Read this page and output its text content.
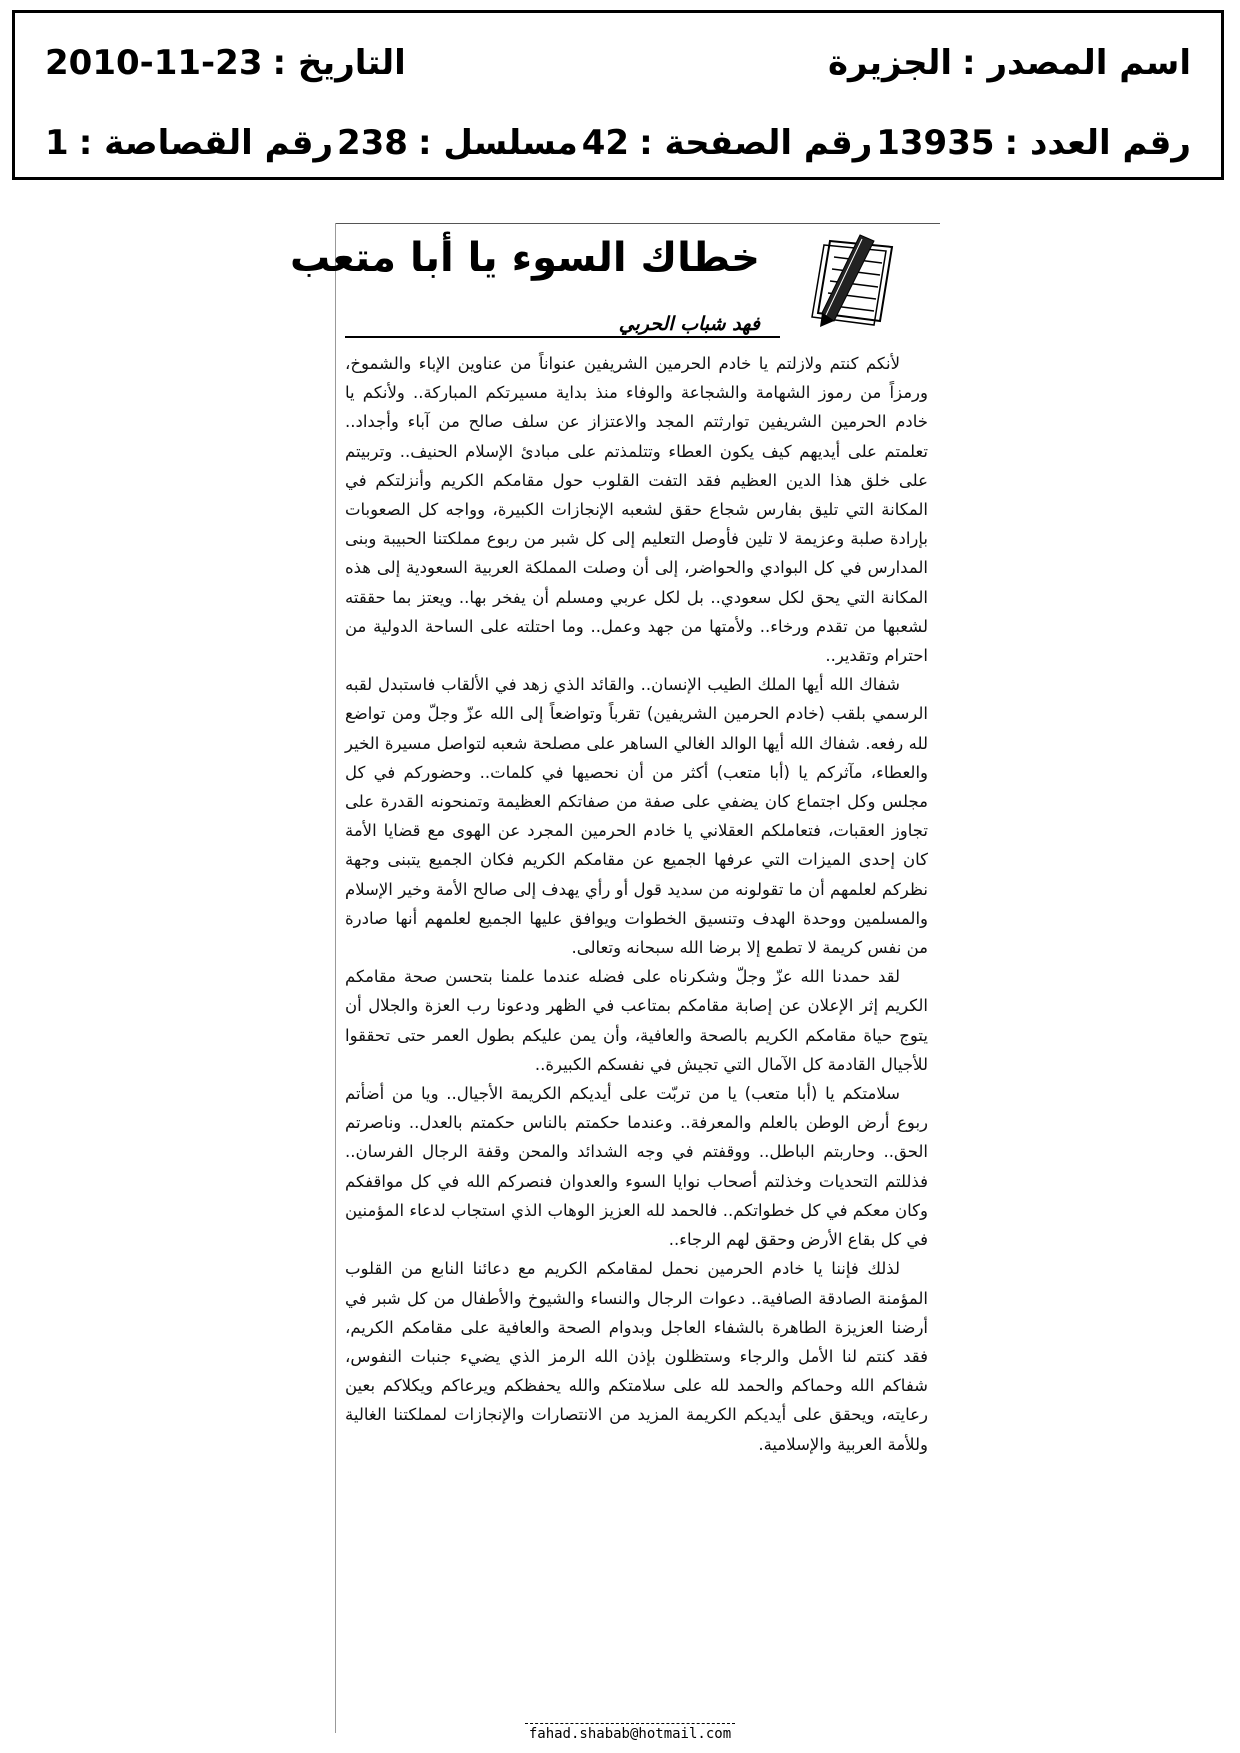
اسم المصدر :
الجزيرة
التاريخ :
2010-11-23
رقم العدد :
13935
رقم الصفحة :
42
مسلسل :
238
رقم القصاصة :
1
خطاك السوء يا أبا متعب
فهد شباب الحربي

لأنكم كنتم ولازلتم يا خادم الحرمين الشريفين عنواناً من عناوين الإباء والشموخ، ورمزاً من رموز الشهامة والشجاعة والوفاء منذ بداية مسيرتكم المباركة.. ولأنكم يا خادم الحرمين الشريفين توارثتم المجد والاعتزاز عن سلف صالح من آباء وأجداد.. تعلمتم على أيديهم كيف يكون العطاء وتتلمذتم على مبادئ الإسلام الحنيف.. وتربيتم على خلق هذا الدين العظيم فقد التفت القلوب حول مقامكم الكريم وأنزلتكم في المكانة التي تليق بفارس شجاع حقق لشعبه الإنجازات الكبيرة، وواجه كل الصعوبات بإرادة صلبة وعزيمة لا تلين فأوصل التعليم إلى كل شبر من ربوع مملكتنا الحبيبة وبنى المدارس في كل البوادي والحواضر، إلى أن وصلت المملكة العربية السعودية إلى هذه المكانة التي يحق لكل سعودي.. بل لكل عربي ومسلم أن يفخر بها.. ويعتز بما حققته لشعبها من تقدم ورخاء.. ولأمتها من جهد وعمل.. وما احتلته على الساحة الدولية من احترام وتقدير..

شفاك الله أيها الملك الطيب الإنسان.. والقائد الذي زهد في الألقاب فاستبدل لقبه الرسمي بلقب (خادم الحرمين الشريفين) تقرباً وتواضعاً إلى الله عزّ وجلّ ومن تواضع لله رفعه. شفاك الله أيها الوالد الغالي الساهر على مصلحة شعبه لتواصل مسيرة الخير والعطاء، مآثركم يا (أبا متعب) أكثر من أن نحصيها في كلمات.. وحضوركم في كل مجلس وكل اجتماع كان يضفي على صفة من صفاتكم العظيمة وتمنحونه القدرة على تجاوز العقبات، فتعاملكم العقلاني يا خادم الحرمين المجرد عن الهوى مع قضايا الأمة كان إحدى الميزات التي عرفها الجميع عن مقامكم الكريم فكان الجميع يتبنى وجهة نظركم لعلمهم أن ما تقولونه من سديد قول أو رأي يهدف إلى صالح الأمة وخير الإسلام والمسلمين ووحدة الهدف وتنسيق الخطوات ويوافق عليها الجميع لعلمهم أنها صادرة من نفس كريمة لا تطمع إلا برضا الله سبحانه وتعالى.

لقد حمدنا الله عزّ وجلّ وشكرناه على فضله عندما علمنا بتحسن صحة مقامكم الكريم إثر الإعلان عن إصابة مقامكم بمتاعب في الظهر ودعونا رب العزة والجلال أن يتوج حياة مقامكم الكريم بالصحة والعافية، وأن يمن عليكم بطول العمر حتى تحققوا للأجيال القادمة كل الآمال التي تجيش في نفسكم الكبيرة..

سلامتكم يا (أبا متعب) يا من تربّت على أيديكم الكريمة الأجيال.. ويا من أضأتم ربوع أرض الوطن بالعلم والمعرفة.. وعندما حكمتم بالناس حكمتم بالعدل.. وناصرتم الحق.. وحاربتم الباطل.. ووقفتم في وجه الشدائد والمحن وقفة الرجال الفرسان.. فذللتم التحديات وخذلتم أصحاب نوايا السوء والعدوان فنصركم الله في كل مواقفكم وكان معكم في كل خطواتكم.. فالحمد لله العزيز الوهاب الذي استجاب لدعاء المؤمنين في كل بقاع الأرض وحقق لهم الرجاء..

لذلك فإننا يا خادم الحرمين نحمل لمقامكم الكريم مع دعائنا النابع من القلوب المؤمنة الصادقة الصافية.. دعوات الرجال والنساء والشيوخ والأطفال من كل شبر في أرضنا العزيزة الطاهرة بالشفاء العاجل وبدوام الصحة والعافية على مقامكم الكريم، فقد كنتم لنا الأمل والرجاء وستظلون بإذن الله الرمز الذي يضيء جنبات النفوس، شفاكم الله وحماكم والحمد لله على سلامتكم والله يحفظكم ويرعاكم ويكلاكم بعين رعايته، ويحقق على أيديكم الكريمة المزيد من الانتصارات والإنجازات لمملكتنا الغالية وللأمة العربية والإسلامية.

fahad.shabab@hotmail.com
